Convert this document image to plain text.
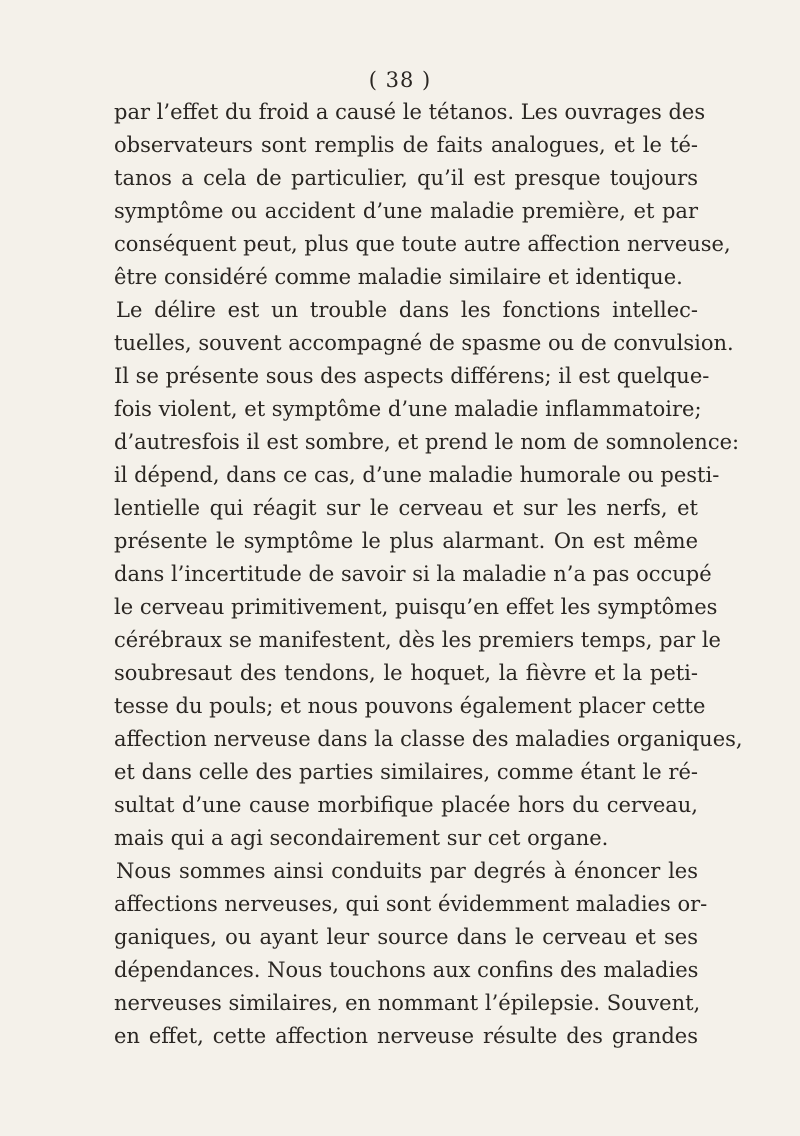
( 38 )
par l’effet du froid a causé le tétanos. Les ouvrages des
observateurs sont remplis de faits analogues, et le té-
tanos a cela de particulier, qu’il est presque toujours
symptôme ou accident d’une maladie première, et par
conséquent peut, plus que toute autre affection nerveuse,
être considéré comme maladie similaire et identique.
Le délire est un trouble dans les fonctions intellec-
tuelles, souvent accompagné de spasme ou de convulsion.
Il se présente sous des aspects différens; il est quelque-
fois violent, et symptôme d’une maladie inflammatoire;
d’autresfois il est sombre, et prend le nom de somnolence:
il dépend, dans ce cas, d’une maladie humorale ou pesti-
lentielle qui réagit sur le cerveau et sur les nerfs, et
présente le symptôme le plus alarmant. On est même
dans l’incertitude de savoir si la maladie n’a pas occupé
le cerveau primitivement, puisqu’en effet les symptômes
cérébraux se manifestent, dès les premiers temps, par le
soubresaut des tendons, le hoquet, la fièvre et la peti-
tesse du pouls; et nous pouvons également placer cette
affection nerveuse dans la classe des maladies organiques,
et dans celle des parties similaires, comme étant le ré-
sultat d’une cause morbifique placée hors du cerveau,
mais qui a agi secondairement sur cet organe.
Nous sommes ainsi conduits par degrés à énoncer les
affections nerveuses, qui sont évidemment maladies or-
ganiques, ou ayant leur source dans le cerveau et ses
dépendances. Nous touchons aux confins des maladies
nerveuses similaires, en nommant l’épilepsie. Souvent,
en effet, cette affection nerveuse résulte des grandes
